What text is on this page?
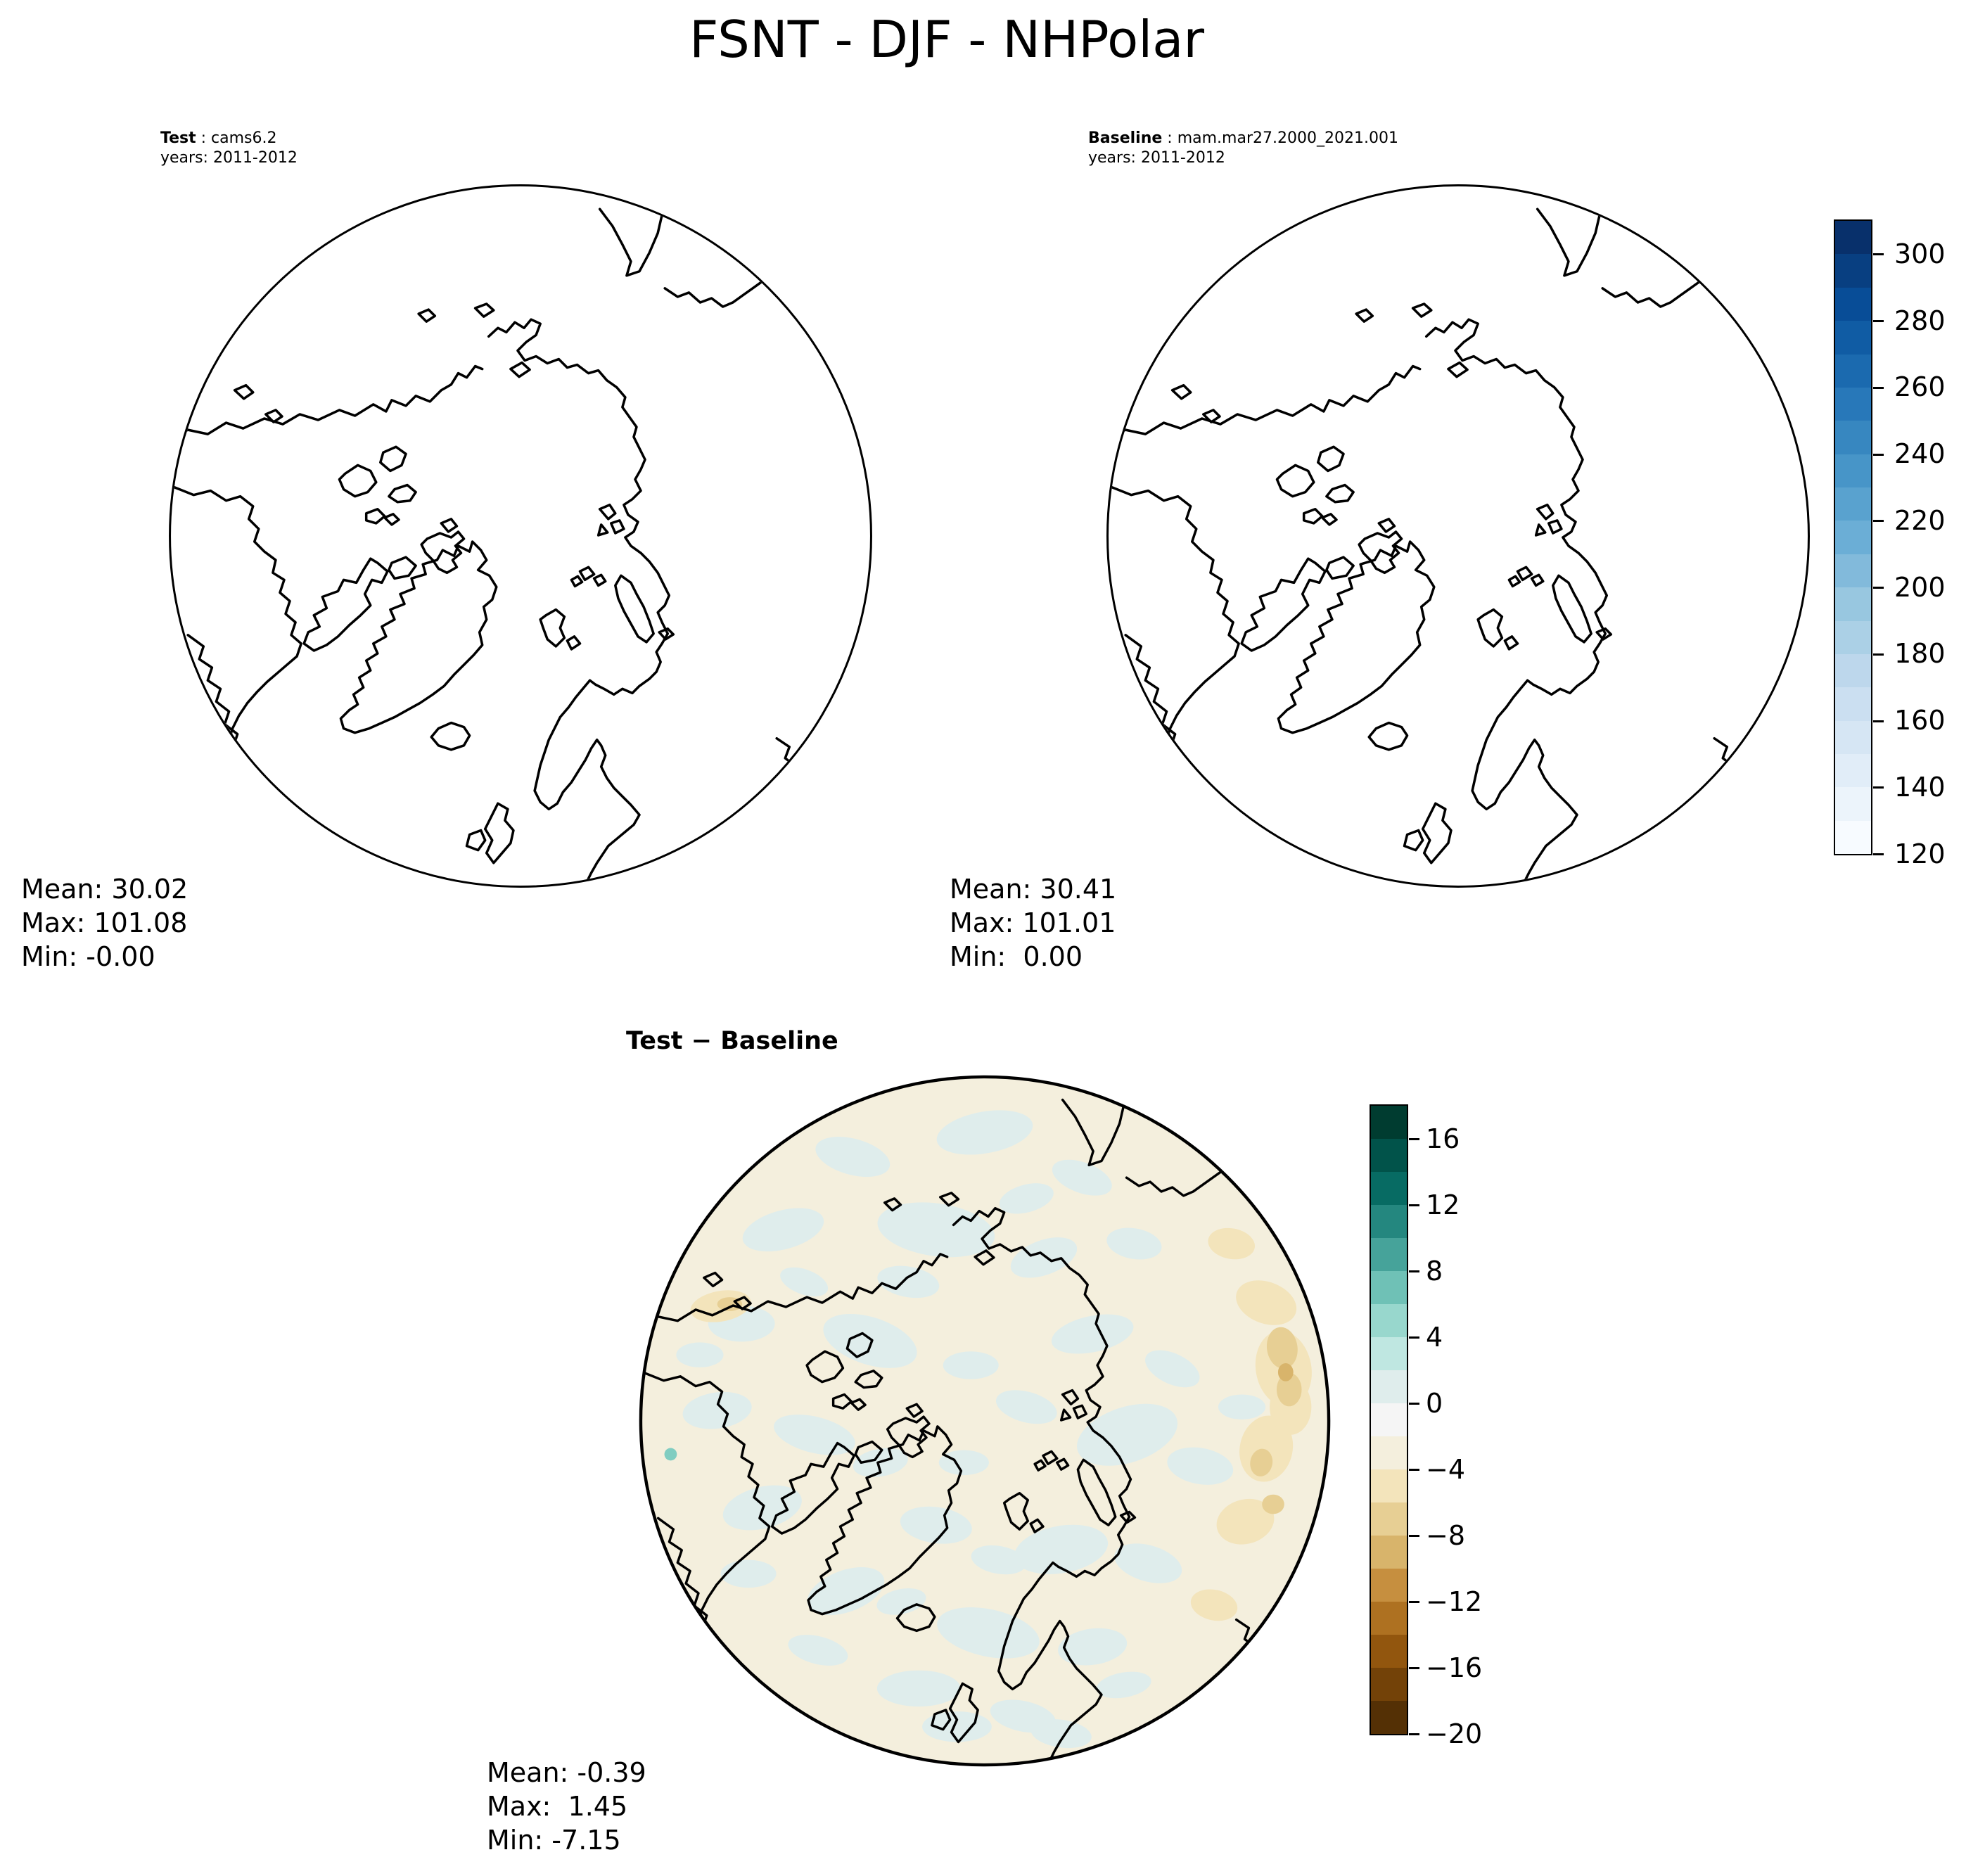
FSNT - DJF - NHPolar
Test : cams6.2
years: 2011-2012
Baseline : mam.mar27.2000_2021.001
years: 2011-2012
Mean: 30.02
Max: 101.08
Min: -0.00
Mean: 30.41
Max: 101.01
Min:  0.00
300
280
260
240
220
200
180
160
140
120
Test − Baseline
16
12
8
4
0
−4
−8
−12
−16
−20
Mean: -0.39
Max:  1.45
Min: -7.15
